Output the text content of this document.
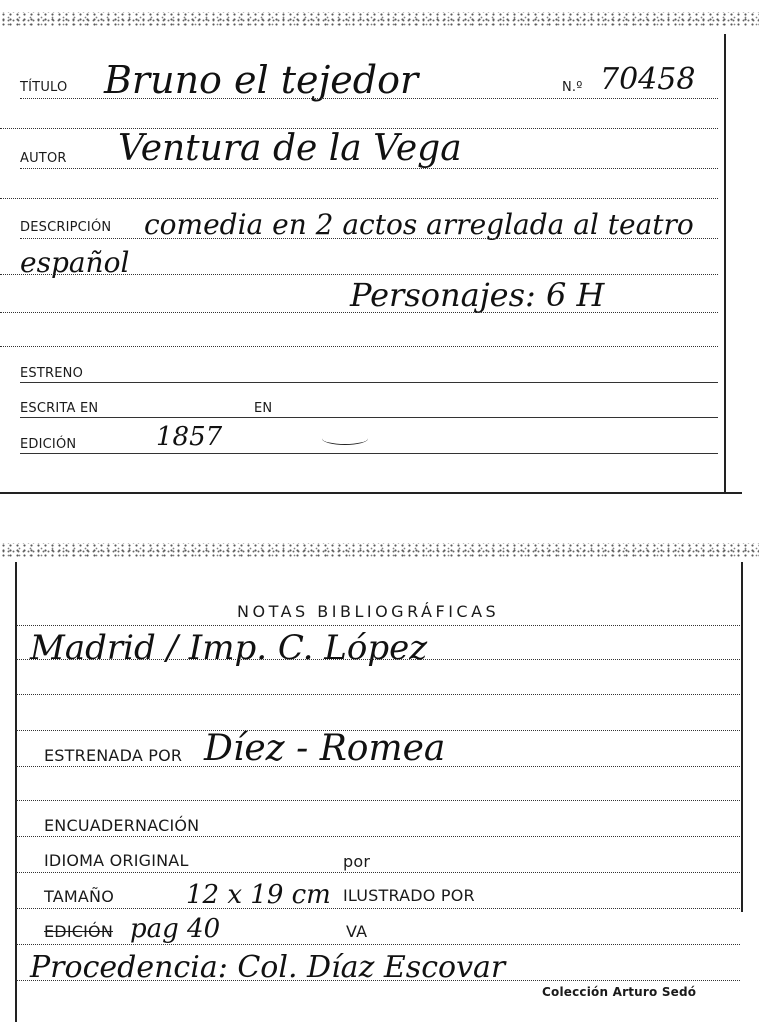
TÍTULO Bruno el tejedor	N.º 70458
AUTOR Ventura de la Vega
DESCRIPCIÓN comedia en 2 actos arreglada al teatro
español
Personajes: 6 H
ESTRENO
ESCRITA EN	EN
EDICIÓN	1857
NOTAS BIBLIOGRÁFICAS
Madrid / Imp. C. López
ESTRENADA POR Díez - Romea
ENCUADERNACIÓN
IDIOMA ORIGINAL	por
TAMAÑO	12 x 19 cm ILUSTRADO POR
EDICIÓN pag 40	VA
Procedencia: Col. Díaz Escovar
Colección Arturo Sedó
